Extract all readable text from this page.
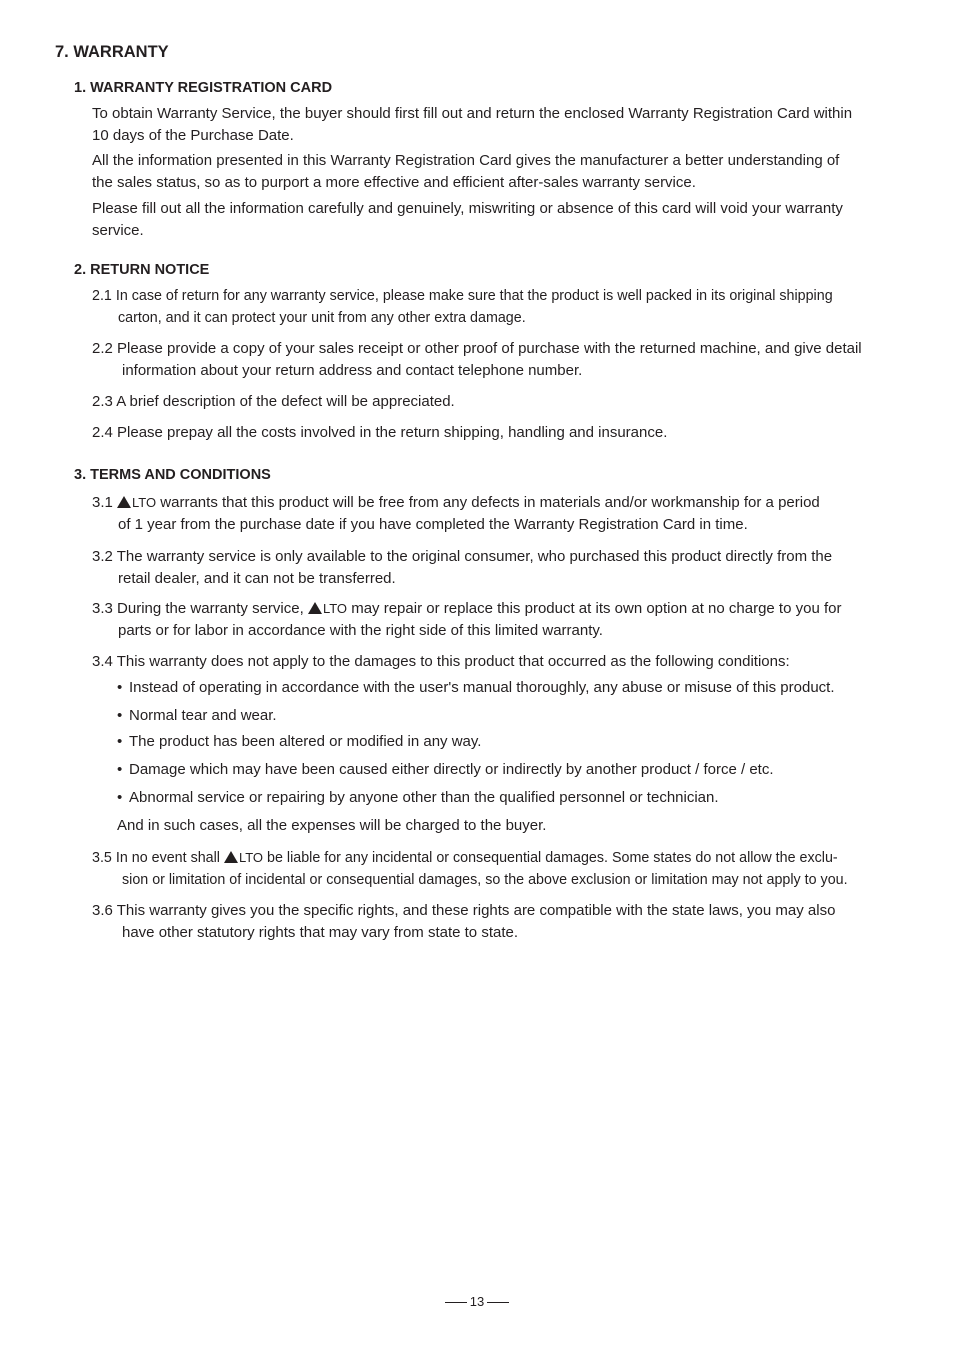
7. WARRANTY
1. WARRANTY REGISTRATION CARD

To obtain Warranty Service, the buyer should first fill out and return the enclosed Warranty Registration Card within
10 days of the Purchase Date.

All the information presented in this Warranty Registration Card gives the manufacturer a better understanding of
the sales status, so as to purport a more effective and efficient after-sales warranty service.

Please fill out all the information carefully and genuinely, miswriting or absence of this card will void your warranty
service.

2. RETURN NOTICE

2.1 In case of return for any warranty service, please make sure that the product is well packed in its original shipping
carton, and it can protect your unit from any other extra damage.

2.2 Please provide a copy of your sales receipt or other proof of purchase with the returned machine, and give detail
information about your return address and contact telephone number.

2.3 A brief description of the defect will be appreciated.

2.4 Please prepay all the costs involved in the return shipping, handling and insurance.

3. TERMS AND CONDITIONS

3.1 LTO warrants that this product will be free from any defects in materials and/or workmanship for a period
of 1 year from the purchase date if you have completed the Warranty Registration Card in time.

3.2 The warranty service is only available to the original consumer, who purchased this product directly from the
retail dealer, and it can not be transferred.

3.3 During the warranty service, LTO may repair or replace this product at its own option at no charge to you for
parts or for labor in accordance with the right side of this limited warranty.

3.4 This warranty does not apply to the damages to this product that occurred as the following conditions:

• Instead of operating in accordance with the user's manual thoroughly, any abuse or misuse of this product.

• Normal tear and wear.

• The product has been altered or modified in any way.

• Damage which may have been caused either directly or indirectly by another product / force / etc.

• Abnormal service or repairing by anyone other than the qualified personnel or technician.

And in such cases, all the expenses will be charged to the buyer.

3.5 In no event shall LTO be liable for any incidental or consequential damages. Some states do not allow the exclu-
sion or limitation of incidental or consequential damages, so the above exclusion or limitation may not apply to you.

3.6 This warranty gives you the specific rights, and these rights are compatible with the state laws, you may also
have other statutory rights that may vary from state to state.

13
